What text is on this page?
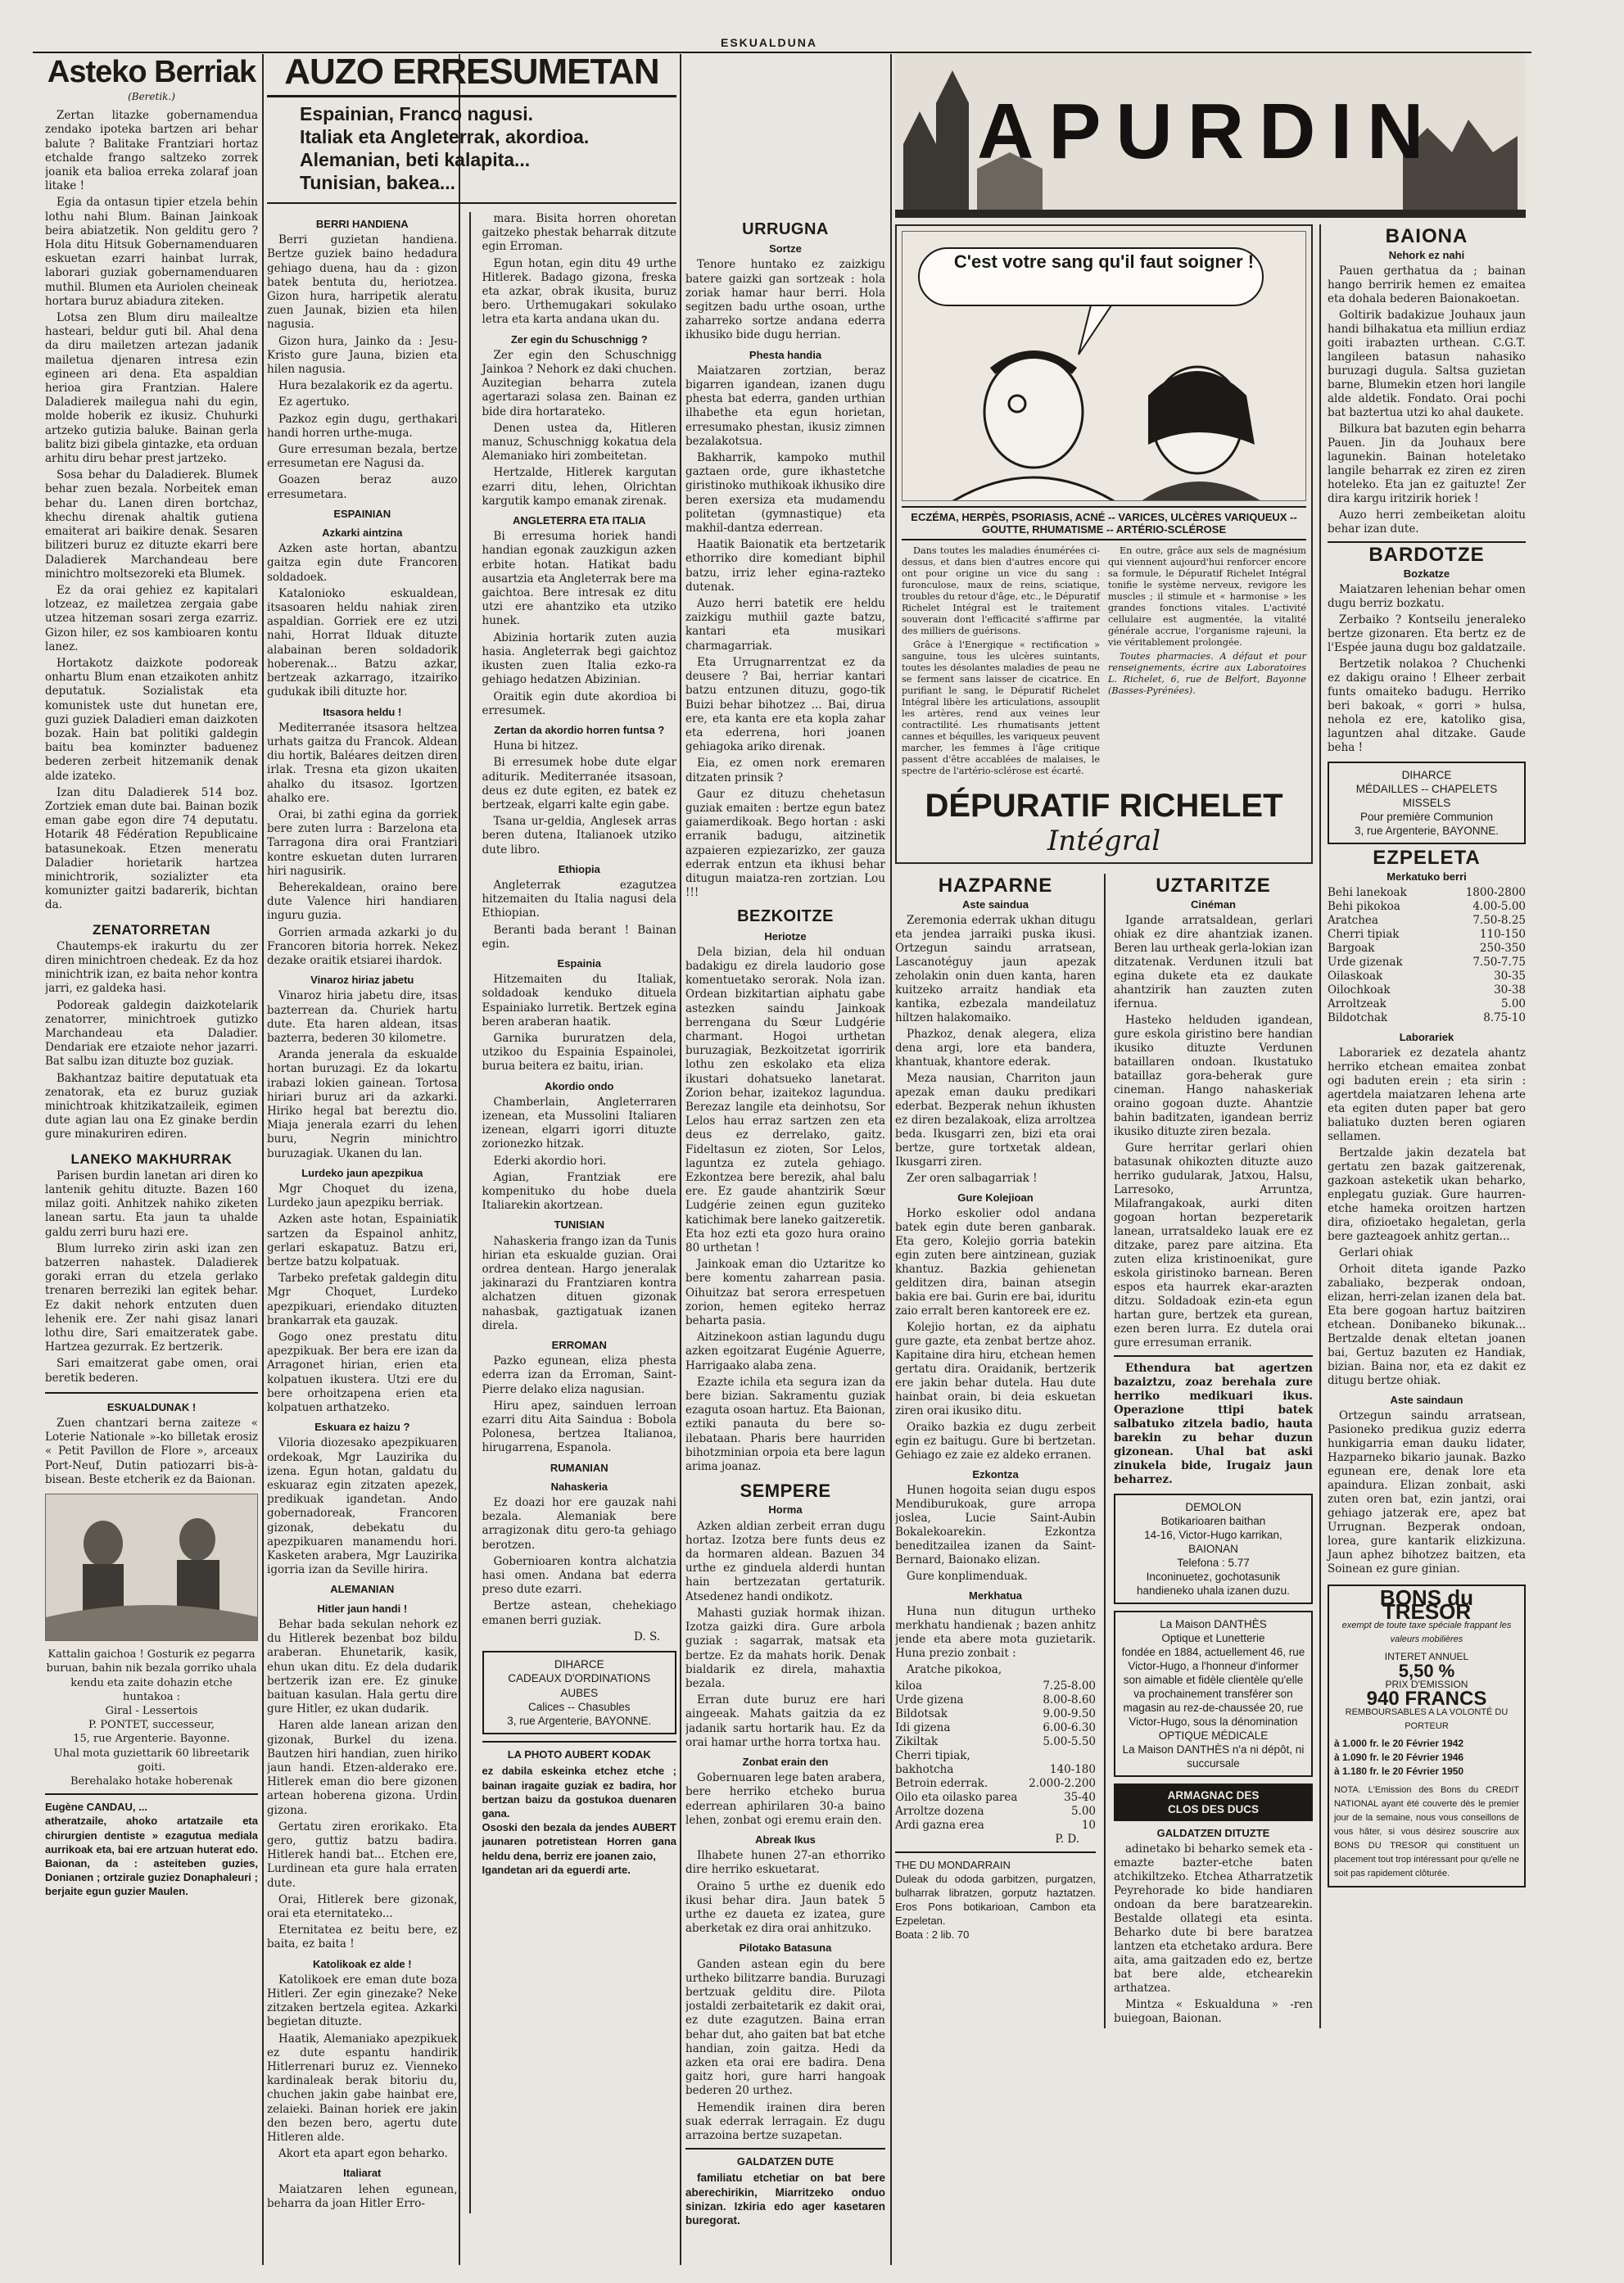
ESKUALDUNA
Asteko Berriak
(Beretik.)

Zertan litazke gobernamendua zendako ipoteka bartzen ari behar balute ? Balitake Frantziari hortaz etchalde frango saltzeko zorrek joanik eta balioa erreka zolaraf joan litake !

Egia da ontasun tipier etzela behin lothu nahi Blum. Bainan Jainkoak beira abiatzetik. Non gelditu gero ? Hola ditu Hitsuk Gobernamenduaren eskuetan ezarri hainbat lurrak, laborari guziak gobernamenduaren muthil. Blumen eta Auriolen cheineak hortara buruz abiadura ziteken.

Lotsa zen Blum diru mailealtze hasteari, beldur guti bil. Ahal dena da diru mailetzen artezan jadanik mailetua djenaren intresa ezin egineen ari dena. Eta aspaldian herioa gira Frantzian. Halere Daladierek mailegua nahi du egin, molde hoberik ez ikusiz. Chuhurki artzeko gutizia baluke. Bainan gerla balitz bizi gibela gintazke, eta orduan arhitu diru behar prest jartzeko.

Sosa behar du Daladierek. Blumek behar zuen bezala. Norbeitek eman behar du. Lanen diren bortchaz, khechu direnak ahaltik gutiena emaiterat ari baikire denak. Sesaren bilitzeri buruz ez dituzte ekarri bere Daladierek Marchandeau bere minichtro moltsezoreki eta Blumek.

Ez da orai gehiez ez kapitalari lotzeaz, ez mailetzea zergaia gabe utzea hitzeman sosari zerga ezarriz. Gizon hiler, ez sos kambioaren kontu lanez.

Hortakotz daizkote podoreak onhartu Blum enan etzaikoten anhitz deputatuk. Sozialistak eta komunistek uste dut hunetan ere, guzi guziek Daladieri eman daizkoten bozak. Hain bat politiki galdegin baitu bea kominzter baduenez bederen zerbeit hitzemanik denak alde izateko.

Izan ditu Daladierek 514 boz. Zortziek eman dute bai. Bainan bozik eman gabe egon dire 74 deputatu. Hotarik 48 Fédération Republicaine batasunekoak. Etzen meneratu Daladier horietarik hartzea minichtrorik, sozializter eta komunizter gaitzi badarerik, bichtan da.

ZENATORRETAN

Chautemps-ek irakurtu du zer diren minichtroen chedeak. Ez da hoz minichtrik izan, ez baita nehor kontra jarri, ez galdeka hasi.

Podoreak galdegin daizkotelarik zenatorrer, minichtroek gutizko Marchandeau eta Daladier. Dendariak ere etzaiote nehor jazarri. Bat salbu izan dituzte boz guziak.

Bakhantzaz baitire deputatuak eta zenatorak, eta ez buruz guziak minichtroak khitzikatzaileik, egimen dute agian lau ona Ez ginake berdin gure minakuriren ediren.

LANEKO MAKHURRAK

Parisen burdin lanetan ari diren ko lantenik gehitu dituzte. Bazen 160 milaz goiti. Anhitzek nahiko ziketen lanean sartu. Eta jaun ta uhalde galdu zerri buru hazi ere.

Blum lurreko zirin aski izan zen batzerren nahastek. Daladierek goraki erran du etzela gerlako trenaren berreziki lan egitek behar. Ez dakit nehork entzuten duen lehenik ere. Zer nahi gisaz lanari lothu dire, Sari emaitzeratek gabe. Hartzea gezurrak. Ez bertzerik.

Sari emaitzerat gabe omen, orai beretik bederen.

ESKUALDUNAK !

Zuen chantzari berna zaiteze « Loterie Nationale »-ko billetak erosiz « Petit Pavillon de Flore », arceaux Port-Neuf, Dutin patiozarri bis-à-bisean. Beste etcherik ez da Baionan.

Kattalin gaichoa ! Gosturik ez pegarra buruan, bahin nik bezala gorriko uhala kendu eta zaite dohazin etche huntakoa :
Giral - Lessertois
P. PONTET, successeur,
15, rue Argenterie. Bayonne.
Uhal mota guziettarik 60 libreetarik goiti.
Berehalako hotake hoberenak
Eugène CANDAU, ...
atheratzaile, ahoko artatzaile eta chirurgien dentiste » ezagutua mediala aurrikoak eta, bai ere artzuan huterat edo. Baionan, da : asteiteben guzies, Donianen ; ortzirale guziez Donaphaleuri ; berjaite egun guzier Maulen.
AUZO ERRESUMETAN
Espainian, Franco nagusi.
Italiak eta Angleterrak, akordioa.
Alemanian, beti kalapita...
Tunisian, bakea...
BERRI HANDIENA

Berri guzietan handiena. Bertze guziek baino hedadura gehiago duena, hau da : gizon batek bentuta du, heriotzea. Gizon hura, harripetik aleratu zuen Jaunak, bizien eta hilen nagusia.

Gizon hura, Jainko da : Jesu-Kristo gure Jauna, bizien eta hilen nagusia.

Hura bezalakorik ez da agertu.

Ez agertuko.

Pazkoz egin dugu, gerthakari handi horren urthe-muga.

Gure erresuman bezala, bertze erresumetan ere Nagusi da.

Goazen beraz auzo erresumetara.

ESPAINIAN
Azkarki aintzina

Azken aste hortan, abantzu gaitza egin dute Francoren soldadoek.

Katalonioko eskualdean, itsasoaren heldu nahiak ziren aspaldian. Gorriek ere ez utzi nahi, Horrat Ilduak dituzte alabainan beren soldadorik hoberenak... Batzu azkar, bertzeak azkarrago, itzairiko gudukak ibili dituzte hor.

Itsasora heldu !

Mediterranée itsasora heltzea urhats gaitza du Francok. Aldean diu hortik, Baléares deitzen diren irlak. Tresna eta gizon ukaiten ahalko du itsasoz. Igortzen ahalko ere.

Orai, bi zathi egina da gorriek bere zuten lurra : Barzelona eta Tarragona dira orai Frantziari kontre eskuetan duten lurraren hiri nagusirik.

Beherekaldean, oraino bere dute Valence hiri handiaren inguru guzia.

Gorrien armada azkarki jo du Francoren bitoria horrek. Nekez dezake oraitik etsiarei ihardok.

Vinaroz hiriaz jabetu

Vinaroz hiria jabetu dire, itsas bazterrean da. Churiek hartu dute. Eta haren aldean, itsas bazterra, bederen 30 kilometre.

Aranda jenerala da eskualde hortan buruzagi. Ez da lokartu irabazi lokien gainean. Tortosa hiriari buruz ari da azkarki. Hiriko hegal bat bereztu dio. Miaja jenerala ezarri du lehen buru, Negrin minichtro buruzagiak. Ukanen du lan.

Lurdeko jaun apezpikua

Mgr Choquet du izena, Lurdeko jaun apezpiku berriak.

Azken aste hotan, Espainiatik sartzen da Espainol anhitz, gerlari eskapatuz. Batzu eri, bertze batzu kolpatuak.

Tarbeko prefetak galdegin ditu Mgr Choquet, Lurdeko apezpikuari, eriendako dituzten brankarrak eta gauzak.

Gogo onez prestatu ditu apezpikuak. Ber bera ere izan da Arragonet hirian, erien eta kolpatuen ikustera. Utzi ere du bere orhoitzapena erien eta kolpatuen arthatzeko.

Eskuara ez haizu ?

Viloria diozesako apezpikuaren ordekoak, Mgr Lauzirika du izena. Egun hotan, galdatu du eskuaraz egin zitzaten apezek, predikuak igandetan. Ando gobernadoreak, Francoren gizonak, debekatu du apezpikuaren manamendu hori. Kasketen arabera, Mgr Lauzirika igorria izan da Seville hirira.

ALEMANIAN
Hitler jaun handi !

Behar bada sekulan nehork ez du Hitlerek bezenbat boz bildu araberan. Ehunetarik, kasik, ehun ukan ditu. Ez dela dudarik bertzerik izan ere. Ez ginuke baituan kasulan. Hala gertu dire gure Hitler, ez ukan dudarik.

Haren alde lanean arizan den gizonak, Burkel du izena. Bautzen hiri handian, zuen hiriko jaun handi. Etzen-alderako ere. Hitlerek eman dio bere gizonen artean hoberena gizona. Urdin gizona.

Gertatu ziren erorikako. Eta gero, guttiz batzu badira. Hitlerek handi bat... Etchen ere, Lurdinean eta gure hala erraten dute.

Orai, Hitlerek bere gizonak, orai eta eternitateko...

Eternitatea ez beitu bere, ez baita, ez baita !

Katolikoak ez alde !

Katolikoek ere eman dute boza Hitleri. Zer egin ginezake? Neke zitzaken bertzela egitea. Azkarki begietan dituzte.

Haatik, Alemaniako apezpikuek ez dute espantu handirik Hitlerrenari buruz ez. Vienneko kardinaleak berak bitoriu du, chuchen jakin gabe hainbat ere, zelaieki. Bainan horiek ere jakin den bezen bero, agertu dute Hitleren alde.

Akort eta apart egon beharko.

Italiarat

Maiatzaren lehen egunean, beharra da joan Hitler Erro-

mara. Bisita horren ohoretan gaitzeko phestak beharrak ditzute egin Erroman.

Egun hotan, egin ditu 49 urthe Hitlerek. Badago gizona, freska eta azkar, obrak ikusita, buruz bero. Urthemugakari sokulako letra eta karta andana ukan du.

Zer egin du Schuschnigg ?

Zer egin den Schuschnigg Jainkoa ? Nehork ez daki chuchen. Auzitegian beharra zutela agertarazi solasa zen. Bainan ez bide dira hortarateko.

Denen ustea da, Hitleren manuz, Schuschnigg kokatua dela Alemaniako hiri zombeitetan.

Hertzalde, Hitlerek kargutan ezarri ditu, lehen, Olrichtan kargutik kampo emanak zirenak.

ANGLETERRA ETA ITALIA

Bi erresuma horiek handi handian egonak zauzkigun azken erbite hotan. Hatikat badu ausartzia eta Angleterrak bere ma gaichtoa. Bere intresak ez ditu utzi ere ahantziko eta utziko hunek.

Abizinia hortarik zuten auzia hasia. Angleterrak begi gaichtoz ikusten zuen Italia ezko-ra gehiago hedatzen Abizinian.

Oraitik egin dute akordioa bi erresumek.

Zertan da akordio horren funtsa ?

Huna bi hitzez.

Bi erresumek hobe dute elgar aditurik. Mediterranée itsasoan, deus ez dute egiten, ez batek ez bertzeak, elgarri kalte egin gabe.

Tsana ur-geldia, Anglesek arras beren dutena, Italianoek utziko dute libro.

Ethiopia

Angleterrak ezagutzea hitzemaiten du Italia nagusi dela Ethiopian.

Beranti bada berant ! Bainan egin.

Espainia

Hitzemaiten du Italiak, soldadoak kenduko dituela Espainiako lurretik. Bertzek egina beren araberan haatik.

Garnika bururatzen dela, utzikoo du Espainia Espainolei, burua beitera ez baitu, irian.

Akordio ondo

Chamberlain, Angleterraren izenean, eta Mussolini Italiaren izenean, elgarri igorri dituzte zorionezko hitzak.

Ederki akordio hori.

Agian, Frantziak ere kompenituko du hobe duela Italiarekin akortzean.

TUNISIAN

Nahaskeria frango izan da Tunis hirian eta eskualde guzian. Orai ordrea dentean. Hargo jeneralak jakinarazi du Frantziaren kontra alchatzen dituen gizonak nahasbak, gaztigatuak izanen direla.

ERROMAN

Pazko egunean, eliza phesta ederra izan da Erroman, Saint-Pierre delako eliza nagusian.

Hiru apez, sainduen lerroan ezarri ditu Aita Saindua : Bobola Polonesa, bertzea Italianoa, hirugarrena, Espanola.

RUMANIAN
Nahaskeria

Ez doazi hor ere gauzak nahi bezala. Alemaniak bere arragizonak ditu gero-ta gehiago berotzen.

Gobernioaren kontra alchatzia hasi omen. Andana bat ederra preso dute ezarri.

Bertze astean, chehekiago emanen berri guziak.

D. S.
DIHARCE
CADEAUX D'ORDINATIONS
AUBES
Calices -- Chasubles
3, rue Argenterie, BAYONNE.
LA PHOTO AUBERT KODAK
ez dabila eskeinka etchez etche ; bainan iragaite guziak ez badira, hor bertzan baizu da gostukoa duenaren gana.
Ososki den bezala da jendes AUBERT jaunaren potretistean Horren gana heldu dena, berriz ere joanen zaio,
Igandetan ari da eguerdi arte.
URRUGNA
Sortze

Tenore huntako ez zaizkigu batere gaizki gan sortzeak : hola zoriak hamar haur berri. Hola segitzen badu urthe osoan, urthe zaharreko sortze andana ederra ikhusiko bide dugu herrian.

Phesta handia

Maiatzaren zortzian, beraz bigarren igandean, izanen dugu phesta bat ederra, ganden urthian ilhabethe eta egun horietan, erresumako phestan, ikusiz zimnen bezalakotsua.

Bakharrik, kampoko muthil gaztaen orde, gure ikhastetche giristinoko muthikoak ikhusiko dire beren exersiza eta mudamendu politetan (gymnastique) eta makhil-dantza ederrean.

Haatik Baionatik eta bertzetarik ethorriko dire komediant biphil batzu, irriz leher egina-razteko dutenak.

Auzo herri batetik ere heldu zaizkigu muthiil gazte batzu, kantari eta musikari charmagarriak.

Eta Urrugnarrentzat ez da deusere ? Bai, herriar kantari batzu entzunen dituzu, gogo-tik Buizi behar bihotzez ... Bai, dirua ere, eta kanta ere eta kopla zahar eta ederrena, hori joanen gehiagoka ariko direnak.

Eia, ez omen nork eremaren ditzaten prinsik ?

Gaur ez dituzu chehetasun guziak emaiten : bertze egun batez gaiamerdikoak. Bego hortan : aski erranik badugu, aitzinetik azpaieren ezpiezarizko, zer gauza ederrak entzun eta ikhusi behar ditugun maiatza-ren zortzian. Lou !!!

BEZKOITZE
Heriotze

Dela bizian, dela hil onduan badakigu ez direla laudorio gose komentuetako serorak. Nola izan. Ordean bizkitartian aiphatu gabe astezken saindu Jainkoak berrengana du Sœur Ludgérie charmant. Hogoi urthetan buruzagiak, Bezkoitzetat igorririk lothu zen eskolako eta eliza ikustari dohatsueko lanetarat. Zorion behar, izaitekoz lagundua. Berezaz langile eta deinhotsu, Sor Lelos hau erraz sartzen zen eta deus ez derrelako, gaitz. Fideltasun ez zioten, Sor Lelos, laguntza ez zutela gehiago. Ezkontzea bere berezik, ahal balu ere. Ez gaude ahantzirik Sœur Ludgérie zeinen egun guziteko katichimak bere laneko gaitzeretik. Eta hoz ezti eta gozo hura oraino 80 urthetan !

Jainkoak eman dio Uztaritze ko bere komentu zaharrean pasia. Oihuitzaz bat serora errespetuen zorion, hemen egiteko herraz beharta pasia.

Aitzinekoon astian lagundu dugu azken egoitzarat Eugénie Aguerre, Harrigaako alaba zena.

Ezazte ichila eta segura izan da bere bizian. Sakramentu guziak ezaguta osoan hartuz. Eta Baionan, eztiki panauta du bere so-ilebataan. Pharis bere haurriden bihotzminian orpoia eta bere lagun arima joanaz.

SEMPERE
Horma

Azken aldian zerbeit erran dugu hortaz. Izotza bere funts deus ez da hormaren aldean. Bazuen 34 urthe ez ginduela alderdi huntan hain bertzezatan gertaturik. Atsedenez handi ondikotz.

Mahasti guziak hormak ihizan. Izotza gaizki dira. Gure arbola guziak : sagarrak, matsak eta bertze. Ez da mahats horik. Denak bialdarik ez direla, mahaxtia bezala.

Erran dute buruz ere hari aingeeak. Mahats gaitzia da ez jadanik sartu hortarik hau. Ez da orai hamar urthe horra tortxa hau.

Zonbat erain den

Gobernuaren lege baten arabera, bere herriko etcheko burua ederrean aphirilaren 30-a baino lehen, zonbat ogi eremu erain den.

Abreak Ikus

Ilhabete hunen 27-an ethorriko dire herriko eskuetarat.

Oraino 5 urthe ez duenik edo ikusi behar dira. Jaun batek 5 urthe ez daueta ez izatea, gure aberketak ez dira orai anhitzuko.

Pilotako Batasuna

Ganden astean egin du bere urtheko bilitzarre bandia. Buruzagi bertzuak gelditu dire. Pilota jostaldi zerbaitetarik ez dakit orai, ez dute ezagutzen. Baina erran behar dut, aho gaiten bat bat etche handian, zoin gaitza. Hedi da azken eta orai ere badira. Dena gaitz hori, gure harri hangoak bederen 20 urthez.

Hemendik irainen dira beren suak ederrak lerragain. Ez dugu arrazoina bertze suzapetan.

GALDATZEN DUTE

familiatu etchetiar on bat bere aberechirikin, Miarritzeko onduo sinizan. Izkiria edo ager kasetaren buregorat.

APURDIN
C'est votre sang qu'il faut soigner !
ECZÉMA, HERPÈS, PSORIASIS, ACNÉ -- VARICES, ULCÈRES VARIQUEUX -- GOUTTE, RHUMATISME -- ARTÉRIO-SCLÉROSE

Dans toutes les maladies énumérées ci-dessus, et dans bien d'autres encore qui ont pour origine un vice du sang : furonculose, maux de reins, sciatique, troubles du retour d'âge, etc., le Dépuratif Richelet Intégral est le traitement souverain dont l'efficacité s'affirme par des milliers de guérisons.

Grâce à l'Energique « rectification » sanguine, tous les ulcères suintants, toutes les désolantes maladies de peau ne se ferment sans laisser de cicatrice. En purifiant le sang, le Dépuratif Richelet Intégral libère les articulations, assouplit les artères, rend aux veines leur contractilité. Les rhumatisants jettent cannes et béquilles, les variqueux peuvent marcher, les femmes à l'âge critique passent d'être accablées de malaises, le spectre de l'artério-sclérose est écarté.

En outre, grâce aux sels de magnésium qui viennent aujourd'hui renforcer encore sa formule, le Dépuratif Richelet Intégral tonifie le système nerveux, revigore les muscles ; il stimule et « harmonise » les grandes fonctions vitales. L'activité cellulaire est augmentée, la vitalité générale accrue, l'organisme rajeuni, la vie véritablement prolongée.

Toutes pharmacies. A défaut et pour renseignements, écrire aux Laboratoires L. Richelet, 6, rue de Belfort, Bayonne (Basses-Pyrénées).

DÉPURATIF RICHELET
Intégral
HAZPARNE
Aste saindua

Zeremonia ederrak ukhan ditugu eta jendea jarraiki puska ikusi. Ortzegun saindu arratsean, Lascanotéguy jaun apezak zeholakin onin duen kanta, haren kuitzeko arraitz handiak eta kantika, ezbezala mandeilatuz hiltzen halakomaiko.

Phazkoz, denak alegera, eliza dena argi, lore eta bandera, khantuak, khantore ederak.

Meza nausian, Charriton jaun apezak eman dauku predikari ederbat. Bezperak nehun ikhusten ez diren bezalakoak, eliza arroltzea beda. Ikusgarri zen, bizi eta orai bertze, gure tortxetak aldean, Ikusgarri ziren.

Zer oren salbagarriak !

Gure Kolejioan

Horko eskolier odol andana batek egin dute beren ganbarak. Eta gero, Kolejio gorria batekin egin zuten bere aintzinean, guziak khantuz. Bazkia gehienetan gelditzen dira, bainan atsegin bakia ere bai. Gurin ere bai, iduritu zaio erralt beren kantoreek ere ez.

Kolejio hortan, ez da aiphatu gure gazte, eta zenbat bertze ahoz. Kapitaine dira hiru, etchean hemen gertatu dira. Oraidanik, bertzerik ere jakin behar dutela. Hau dute hainbat orain, bi deia eskuetan ziren orai ikusiko ditu.

Oraiko bazkia ez dugu zerbeit egin ez baitugu. Gure bi bertzetan. Gehiago ez zaie ez aldeko erranen.

Ezkontza

Hunen hogoita seian dugu espos Mendiburukoak, gure arropa joslea, Lucie Saint-Aubin Bokalekoarekin. Ezkontza beneditzailea izanen da Saint-Bernard, Baionako elizan.

Gure konplimenduak.

Merkhatua

Huna nun ditugun urtheko merkhatu handienak ; bazen anhitz jende eta abere mota guzietarik. Huna prezio zonbait :

Aratche pikokoa,

kiloa	7.25-8.00
Urde gizena	8.00-8.60
Bildotsak	9.00-9.50
Idi gizena	6.00-6.30
Zikiltak	5.00-5.50
Cherri tipiak,
bakhotcha	140-180
Betroin ederrak.	2.000-2.200
Oilo eta oilasko parea	35-40
Arroltze dozena	5.00
Ardi gazna erea	10
P. D.
THE DU MONDARRAIN
Duleak du ododa garbitzen, purgatzen, bulharrak libratzen, gorputz haztatzen. Eros Pons botikarioan, Cambon eta Ezpeletan.
Boata : 2 lib. 70
UZTARITZE
Cinéman

Igande arratsaldean, gerlari ohiak ez dire ahantziak izanen. Beren lau urtheak gerla-lokian izan ditzatenak. Verdunen itzuli bat egina dukete eta ez daukate ahantzirik han zauzten zuten ifernua.

Hasteko helduden igandean, gure eskola giristino bere handian ikusiko dituzte Verdunen bataillaren ondoan. Ikustatuko bataillaz gora-beherak gure cineman. Hango nahaskeriak oraino gogoan duzte. Ahantzie bahin baditzaten, igandean berriz ikusiko dituzte ziren bezala.

Gure herritar gerlari ohien batasunak ohikozten dituzte auzo herriko gudularak, Jatxou, Halsu, Larresoko, Arruntza, Milafrangakoak, aurki diten gogoan hortan bezperetarik lanean, urratsaldeko lauak ere ez ditzake, parez pare aitzina. Eta zuten eliza kristinoenikat, gure eskola giristinoko barnean. Beren espos eta haurrek ekar-arazten ditzu. Soldadoak ezin-eta egun hartan gure, bertzek eta gurean, ezen beren lurra. Ez dutela orai gure erresuman erranik.

Ethendura bat agertzen bazaiztzu, zoaz berehala zure herriko medikuari ikus. Operazione ttipi batek salbatuko zitzela badio, hauta barekin zu behar duzun gizonean. Uhal bat aski zinukela bide, Irugaiz jaun beharrez.

DEMOLON
Botikarioaren baithan
14-16, Victor-Hugo karrikan,
BAIONAN
Telefona : 5.77
Inconinuetez, gochotasunik handieneko uhala izanen duzu.
La Maison DANTHÈS
Optique et Lunetterie
fondée en 1884, actuellement 46, rue Victor-Hugo, a l'honneur d'informer son aimable et fidèle clientèle qu'elle va prochainement transférer son magasin au rez-de-chaussée 20, rue Victor-Hugo, sous la dénomination
OPTIQUE MÉDICALE
La Maison DANTHÈS n'a ni dépôt, ni succursale
ARMAGNAC DES
CLOS DES DUCS
GALDATZEN DITUZTE

adinetako bi beharko semek eta -emazte bazter-etche baten atchikiltzeko. Etchea Atharratzetik Peyrehorade ko bide handiaren ondoan da bere baratzearekin. Bestalde ollategi eta esinta. Beharko dute bi bere baratzea lantzen eta etchetako ardura. Bere aita, ama gaitzaden edo ez, bertze bat bere alde, etchearekin arthatzea.

Mintza « Eskualduna » -ren buiegoan, Baionan.

BAIONA
Nehork ez nahi

Pauen gerthatua da ; bainan hango berririk hemen ez emaitea eta dohala bederen Baionakoetan.

Goltirik badakizue Jouhaux jaun handi bilhakatua eta milliun erdiaz goiti irabazten urthean. C.G.T. langileen batasun nahasiko buruzagi dugula. Saltsa guzietan barne, Blumekin etzen hori langile alde aldetik. Fondato. Orai pochi bat baztertua utzi ko ahal daukete.

Bilkura bat bazuten egin beharra Pauen. Jin da Jouhaux bere lagunekin. Bainan hoteletako langile beharrak ez ziren ez ziren hoteleko. Eta jan ez gaituzte! Zer dira kargu iritzirik horiek !

Auzo herri zembeiketan aloitu behar izan dute.

BARDOTZE
Bozkatze

Maiatzaren lehenian behar omen dugu berriz bozkatu.

Zerbaiko ? Kontseilu jeneraleko bertze gizonaren. Eta bertz ez de l'Espée jauna dugu boz galdatzaile.

Bertzetik nolakoa ? Chuchenki ez dakigu oraino ! Elheer zerbait funts omaiteko badugu. Herriko beri bakoak, « gorri » hulsa, nehola ez ere, katoliko gisa, laguntzen ahal ditzake. Gaude beha !

DIHARCE
MÉDAILLES -- CHAPELETS
MISSELS
Pour première Communion
3, rue Argenterie, BAYONNE.
EZPELETA
Merkatuko berri
Behi lanekoak	1800-2800
Behi pikokoa	4.00-5.00
Aratchea	7.50-8.25
Cherri tipiak	110-150
Bargoak	250-350
Urde gizenak	7.50-7.75
Oilaskoak	30-35
Oilochkoak	30-38
Arroltzeak	5.00
Bildotchak	8.75-10
Laborariek

Laborariek ez dezatela ahantz herriko etchean emaitea zonbat ogi baduten erein ; eta sirin : agertdela maiatzaren lehena arte eta egiten duten paper bat gero baliatuko duzten beren ogiaren sellamen.

Bertzalde jakin dezatela bat gertatu zen bazak gaitzerenak, gazkoan asteketik ukan beharko, enplegatu guziak. Gure haurren-etche hameka oroitzen hartzen dira, ofizioetako hegaletan, gerla bere gazteagoek anhitz gertan...

Gerlari ohiak

Orhoit diteta igande Pazko zabaliako, bezperak ondoan, elizan, herri-zelan izanen dela bat. Eta bere gogoan hartuz baitziren etchean. Donibaneko bikunak... Bertzalde denak eltetan joanen bai, Gertuz bazuten ez Handiak, bizian. Baina nor, eta ez dakit ez ditugu bertze ohiak.

Aste saindaun

Ortzegun saindu arratsean, Pasioneko predikua guziz ederra hunkigarria eman dauku lidater, Hazparneko bikario jaunak. Bazko egunean ere, denak lore eta apaindura. Elizan zonbait, aski zuten oren bat, ezin jantzi, orai gehiago jatzerak ere, apez bat Urrugnan. Bezperak ondoan, lorea, gure kantarik elizkizuna. Jaun aphez bihotzez baitzen, eta Soinean ez gure ginian.

BONS du TRESOR
exempt de toute taxe spéciale frappant les valeurs mobilières
INTERET ANNUEL
5,50 %
PRIX D'EMISSION
940 FRANCS
REMBOURSABLES A LA VOLONTÉ DU PORTEUR
à 1.000 fr. le 20 Février 1942
à 1.090 fr. le 20 Février 1946
à 1.180 fr. le 20 Février 1950
NOTA. L'Emission des Bons du CREDIT NATIONAL ayant été couverte dès le premier jour de la semaine, nous vous conseillons de vous hâter, si vous désirez souscrire aux BONS DU TRESOR qui constituent un placement tout trop intéressant pour qu'elle ne soit pas rapidement clôturée.
